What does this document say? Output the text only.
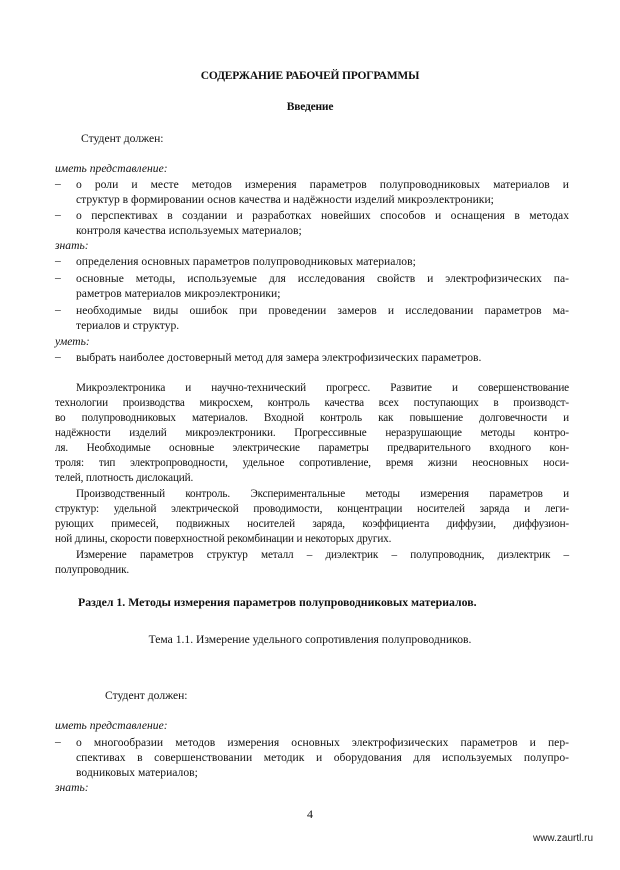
СОДЕРЖАНИЕ РАБОЧЕЙ ПРОГРАММЫ
Введение
Студент должен:
иметь представление:
– о роли и месте методов измерения параметров полупроводниковых материалов и
структур в формировании основ качества и надёжности изделий микроэлектроники;
– о перспективах в создании и разработках новейших способов и оснащения в методах
контроля качества используемых материалов;
знать:
– определения основных параметров полупроводниковых материалов;
– основные методы, используемые для исследования свойств и электрофизических па-
раметров материалов микроэлектроники;
– необходимые виды ошибок при проведении замеров и исследовании параметров ма-
териалов и структур.
уметь:
– выбрать наиболее достоверный метод для замера электрофизических параметров.
Микроэлектроника и научно-технический прогресс. Развитие и совершенствование
технологии производства микросхем, контроль качества всех поступающих в производст-
во полупроводниковых материалов. Входной контроль как повышение долговечности и
надёжности изделий микроэлектроники. Прогрессивные неразрушающие методы контро-
ля. Необходимые основные электрические параметры предварительного входного кон-
троля: тип электропроводности, удельное сопротивление, время жизни неосновных носи-
телей, плотность дислокаций.
Производственный контроль. Экспериментальные методы измерения параметров и
структур: удельной электрической проводимости, концентрации носителей заряда и леги-
рующих примесей, подвижных носителей заряда, коэффициента диффузии, диффузион-
ной длины, скорости поверхностной рекомбинации и некоторых других.
Измерение параметров структур металл – диэлектрик – полупроводник, диэлектрик –
полупроводник.
Раздел 1. Методы измерения параметров полупроводниковых материалов.
Тема 1.1. Измерение удельного сопротивления полупроводников.
Студент должен:
иметь представление:
– о многообразии методов измерения основных электрофизических параметров и пер-
спективах в совершенствовании методик и оборудования для используемых полупро-
водниковых материалов;
знать:
4
www.zaurtl.ru
